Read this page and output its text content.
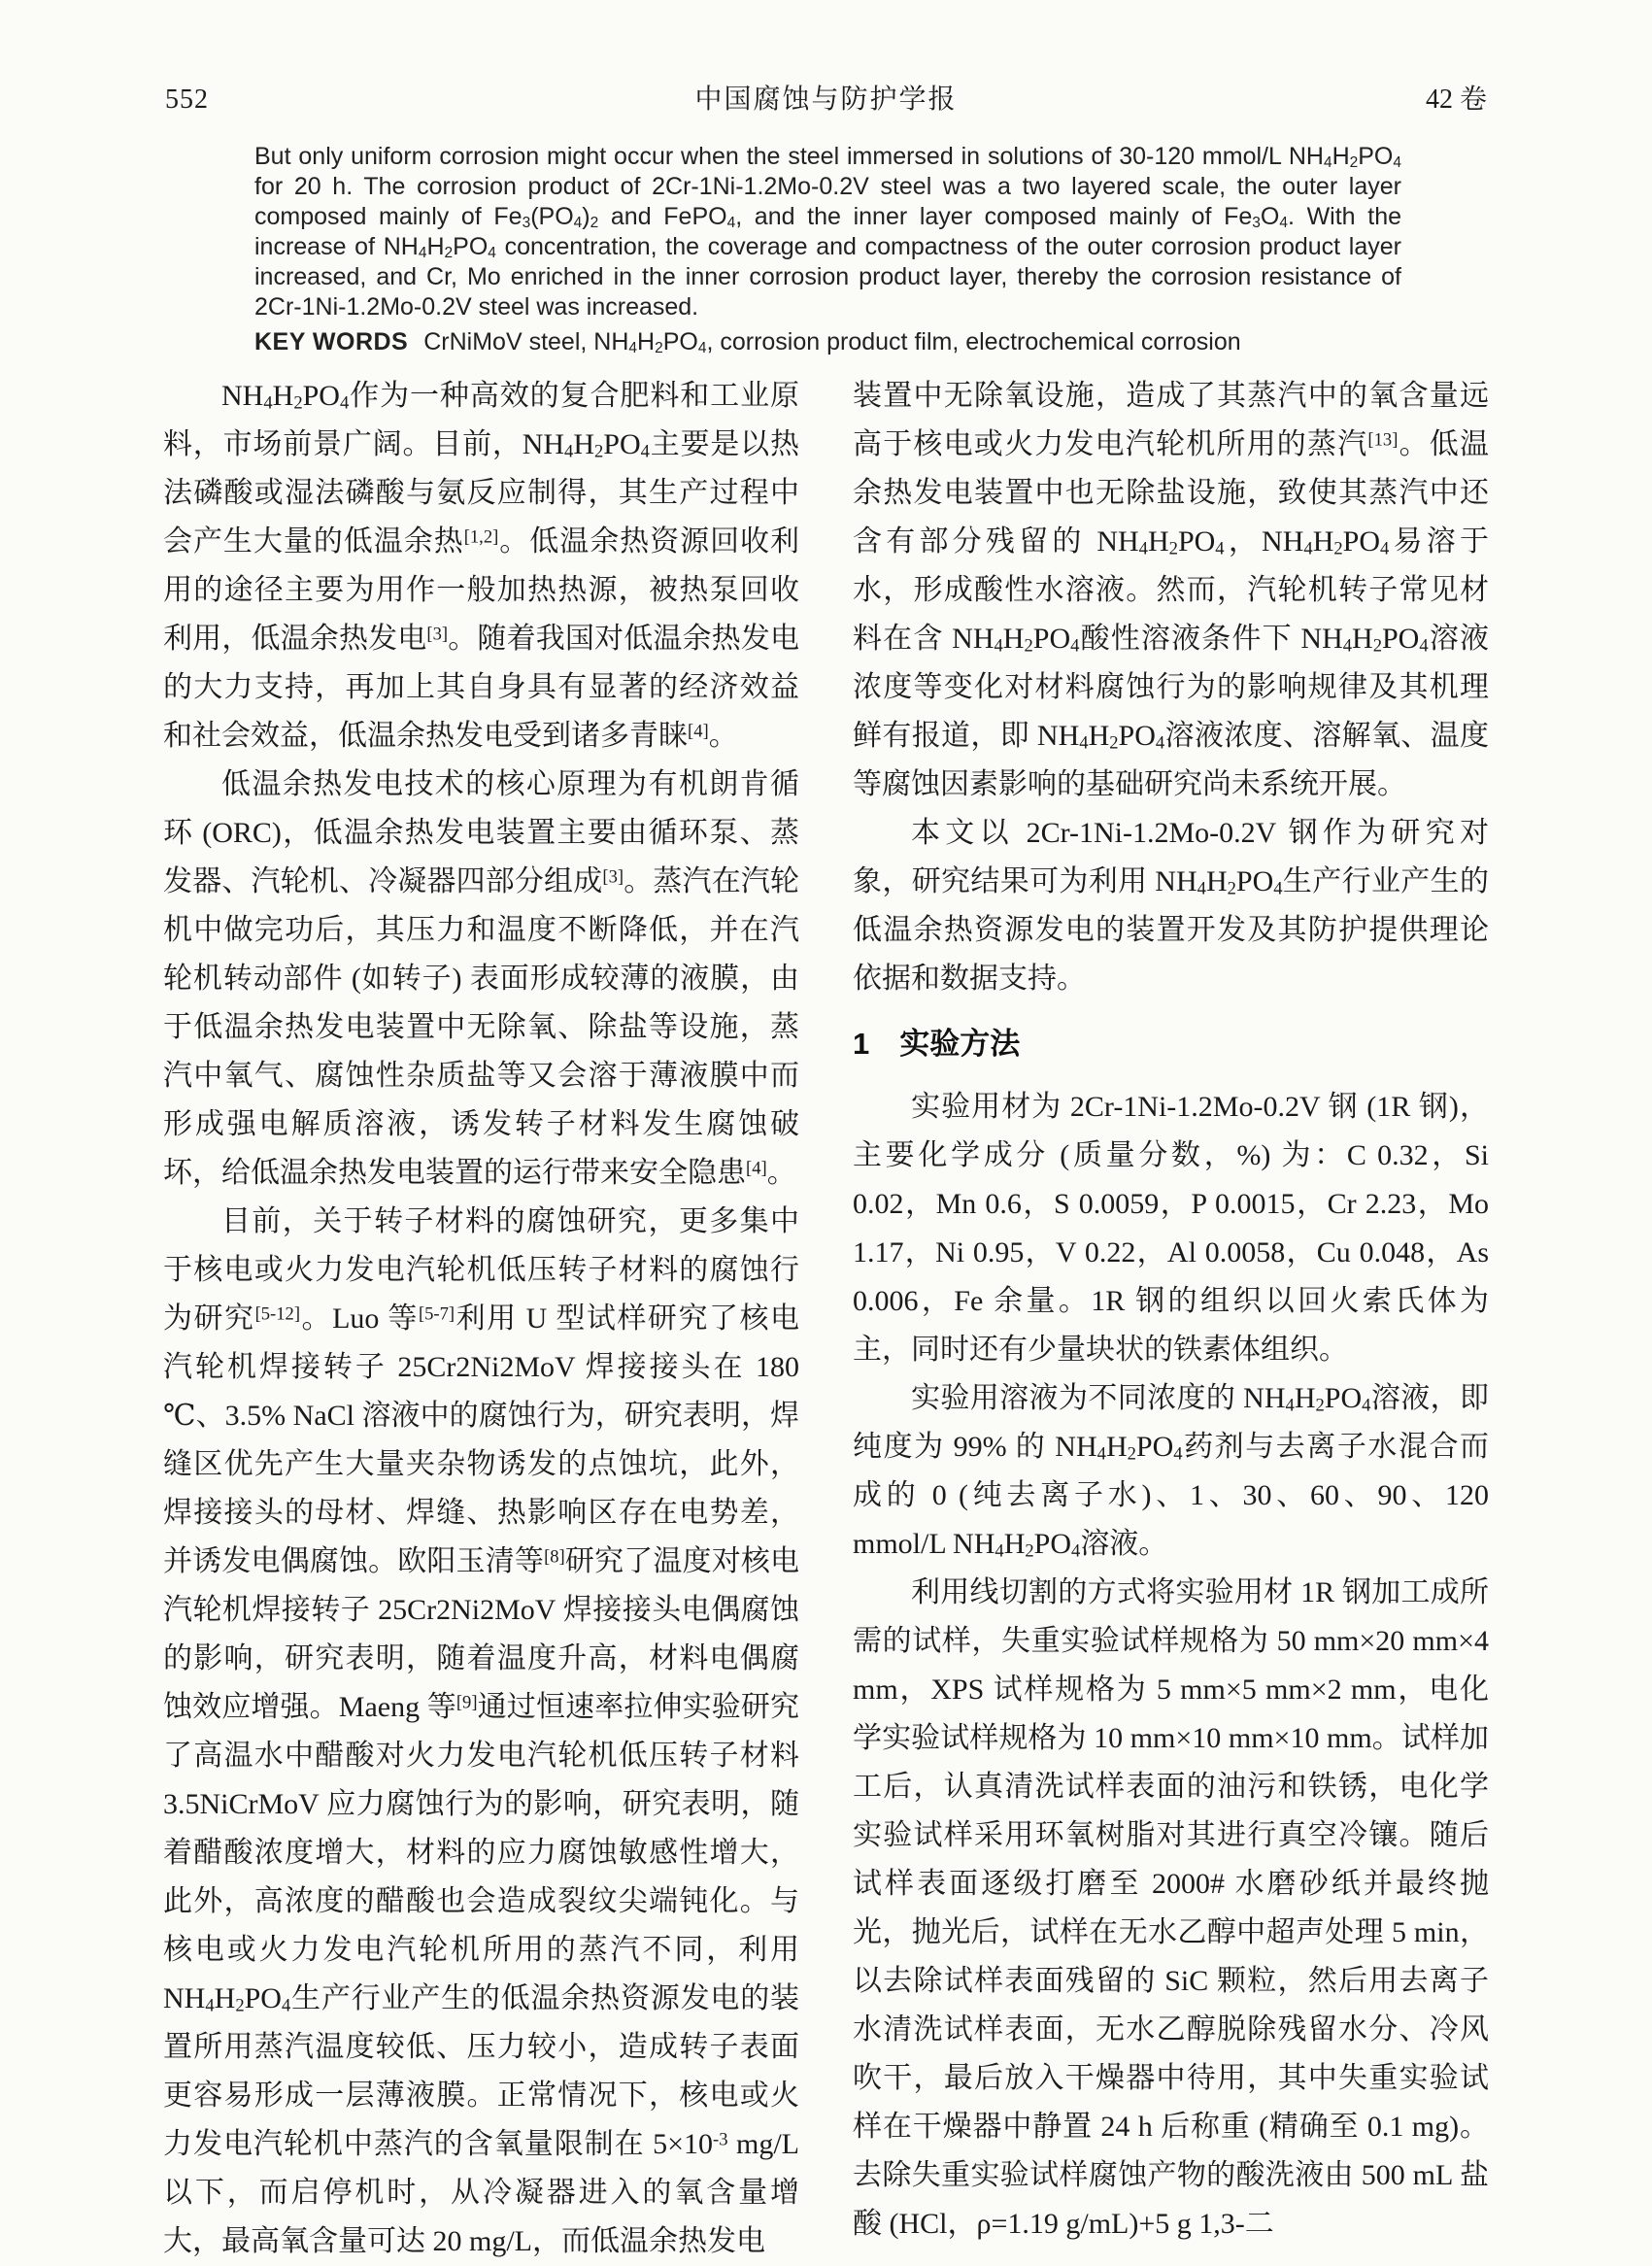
552	中国腐蚀与防护学报	42 卷

But only uniform corrosion might occur when the steel immersed in solutions of 30-120 mmol/L $NH_4H_2PO_4$ for 20 h. The corrosion product of 2Cr-1Ni-1.2Mo-0.2V steel was a two layered scale, the outer layer composed mainly of $Fe_3(PO_4)_2$ and FePO$_4$, and the inner layer composed mainly of $Fe_3O_4$. With the increase of $NH_4H_2PO_4$ concentration, the coverage and compactness of the outer corrosion product layer increased, and Cr, Mo enriched in the inner corrosion product layer, thereby the corrosion resistance of 2Cr-1Ni-1.2Mo-0.2V steel was increased.

KEY WORDS CrNiMoV steel, $NH_4H_2PO_4$, corrosion product film, electrochemical corrosion

$NH_4H_2PO_4$作为一种高效的复合肥料和工业原料，市场前景广阔。目前，$NH_4H_2PO_4$主要是以热法磷酸或湿法磷酸与氨反应制得，其生产过程中会产生大量的低温余热[1,2]。低温余热资源回收利用的途径主要为用作一般加热热源，被热泵回收利用，低温余热发电[3]。随着我国对低温余热发电的大力支持，再加上其自身具有显著的经济效益和社会效益，低温余热发电受到诸多青睐[4]。

低温余热发电技术的核心原理为有机朗肯循环 (ORC)，低温余热发电装置主要由循环泵、蒸发器、汽轮机、冷凝器四部分组成[3]。蒸汽在汽轮机中做完功后，其压力和温度不断降低，并在汽轮机转动部件 (如转子) 表面形成较薄的液膜，由于低温余热发电装置中无除氧、除盐等设施，蒸汽中氧气、腐蚀性杂质盐等又会溶于薄液膜中而形成强电解质溶液，诱发转子材料发生腐蚀破坏，给低温余热发电装置的运行带来安全隐患[4]。

目前，关于转子材料的腐蚀研究，更多集中于核电或火力发电汽轮机低压转子材料的腐蚀行为研究[5-12]。Luo 等[5-7]利用 U 型试样研究了核电汽轮机焊接转子 25Cr2Ni2MoV 焊接接头在 180 ℃、3.5% NaCl 溶液中的腐蚀行为，研究表明，焊缝区优先产生大量夹杂物诱发的点蚀坑，此外，焊接接头的母材、焊缝、热影响区存在电势差，并诱发电偶腐蚀。欧阳玉清等[8]研究了温度对核电汽轮机焊接转子 25Cr2Ni2MoV 焊接接头电偶腐蚀的影响，研究表明，随着温度升高，材料电偶腐蚀效应增强。Maeng 等[9]通过恒速率拉伸实验研究了高温水中醋酸对火力发电汽轮机低压转子材料 3.5NiCrMoV 应力腐蚀行为的影响，研究表明，随着醋酸浓度增大，材料的应力腐蚀敏感性增大，此外，高浓度的醋酸也会造成裂纹尖端钝化。与核电或火力发电汽轮机所用的蒸汽不同，利用 $NH_4H_2PO_4$生产行业产生的低温余热资源发电的装置所用蒸汽温度较低、压力较小，造成转子表面更容易形成一层薄液膜。正常情况下，核电或火力发电汽轮机中蒸汽的含氧量限制在 $5\times 10^{-3}$ mg/L 以下，而启停机时，从冷凝器进入的氧含量增大，最高氧含量可达 20 mg/L，而低温余热发电

装置中无除氧设施，造成了其蒸汽中的氧含量远高于核电或火力发电汽轮机所用的蒸汽[13]。低温余热发电装置中也无除盐设施，致使其蒸汽中还含有部分残留的 $NH_4H_2PO_4$，$NH_4H_2PO_4$易溶于水，形成酸性水溶液。然而，汽轮机转子常见材料在含 $NH_4H_2PO_4$酸性溶液条件下 $NH_4H_2PO_4$溶液浓度等变化对材料腐蚀行为的影响规律及其机理鲜有报道，即 $NH_4H_2PO_4$溶液浓度、溶解氧、温度等腐蚀因素影响的基础研究尚未系统开展。

本文以 2Cr-1Ni-1.2Mo-0.2V 钢作为研究对象，研究结果可为利用 $NH_4H_2PO_4$生产行业产生的低温余热资源发电的装置开发及其防护提供理论依据和数据支持。

1　实验方法

实验用材为 2Cr-1Ni-1.2Mo-0.2V 钢 (1R 钢)，主要化学成分 (质量分数，%) 为：C 0.32，Si 0.02，Mn 0.6，S 0.0059，P 0.0015，Cr 2.23，Mo 1.17，Ni 0.95，V 0.22，Al 0.0058，Cu 0.048，As 0.006，Fe 余量。1R 钢的组织以回火索氏体为主，同时还有少量块状的铁素体组织。

实验用溶液为不同浓度的 $NH_4H_2PO_4$溶液，即纯度为 99% 的 $NH_4H_2PO_4$药剂与去离子水混合而成的 0 (纯去离子水)、1、30、60、90、120 mmol/L $NH_4H_2PO_4$溶液。

利用线切割的方式将实验用材 1R 钢加工成所需的试样，失重实验试样规格为 50 mm×20 mm×4 mm，XPS 试样规格为 5 mm×5 mm×2 mm，电化学实验试样规格为 10 mm×10 mm×10 mm。试样加工后，认真清洗试样表面的油污和铁锈，电化学实验试样采用环氧树脂对其进行真空冷镶。随后试样表面逐级打磨至 2000# 水磨砂纸并最终抛光，抛光后，试样在无水乙醇中超声处理 5 min，以去除试样表面残留的 SiC 颗粒，然后用去离子水清洗试样表面，无水乙醇脱除残留水分、冷风吹干，最后放入干燥器中待用，其中失重实验试样在干燥器中静置 24 h 后称重 (精确至 0.1 mg)。去除失重实验试样腐蚀产物的酸洗液由 500 mL 盐酸 (HCl，ρ=1.19 g/mL)+5 g 1,3-二
